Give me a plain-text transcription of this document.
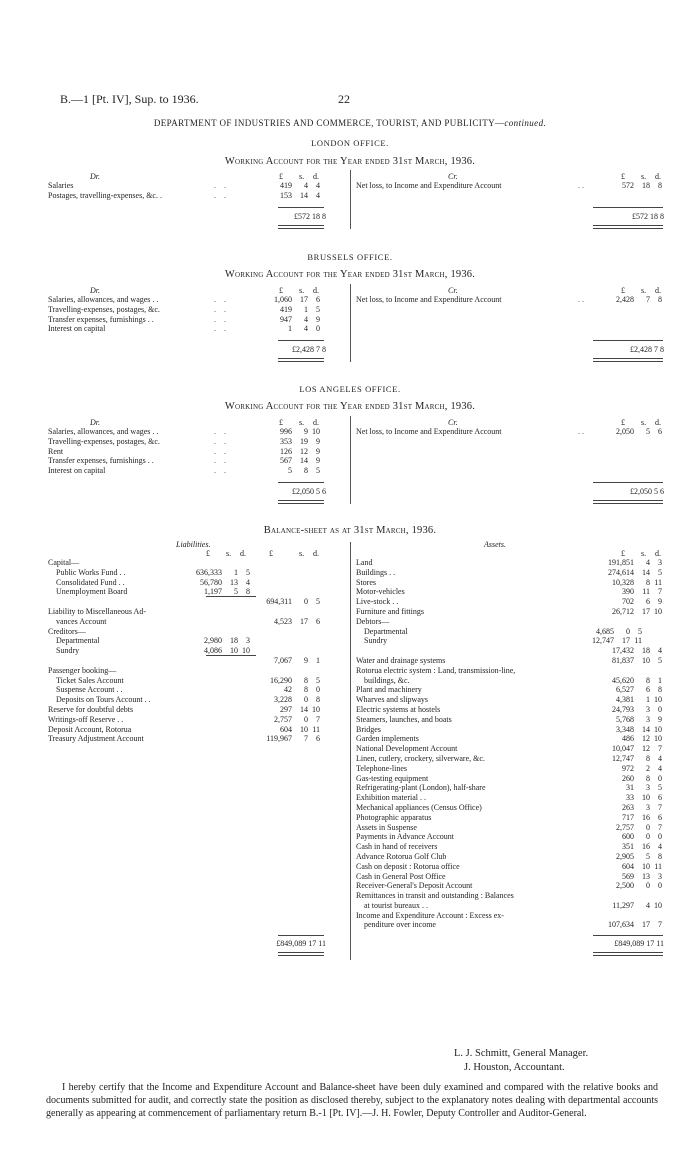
B.—1 [Pt. IV], Sup. to 1936.	22
DEPARTMENT OF INDUSTRIES AND COMMERCE, TOURIST, AND PUBLICITY—continued.
LONDON OFFICE.
Working Account for the Year ended 31st March, 1936.
Dr.	£ s. d.	Cr.	£ s. d.
Salaries	. .	419	4	4	Net loss, to Income and Expenditure Account	. .	572	18	8
Postages, travelling-expenses, &c. .	. .	153	14	4
£572 18 8	£572 18 8
BRUSSELS OFFICE.
Working Account for the Year ended 31st March, 1936.
Dr.	£ s. d.	Cr.	£ s. d.
Salaries, allowances, and wages . .	. .	1,060	17	6	Net loss, to Income and Expenditure Account	. .	2,428	7	8
Travelling-expenses, postages, &c.	. .	419	1	5
Transfer expenses, furnishings . .	. .	947	4	9
Interest on capital	. .	1	4	0
£2,428 7 8	£2,428 7 8
LOS ANGELES OFFICE.
Working Account for the Year ended 31st March, 1936.
Dr.	£ s. d.	Cr.	£ s. d.
Salaries, allowances, and wages . .	. .	996	9 10	Net loss, to Income and Expenditure Account	. .	2,050	5	6
Travelling-expenses, postages, &c.	. .	353	19	9
Rent	. .	126	12	9
Transfer expenses, furnishings . .	. .	567	14	9
Interest on capital	. .	5	8	5
£2,050 5 6	£2,050 5 6
Balance-sheet as at 31st March, 1936.
Liabilities.	Assets.
£ s. d.	£	s. d.	£ s. d.
Capital—
Public Works Fund . .	636,333	1	5
Consolidated Fund . .	56,780	13	4
Unemployment Board	1,197	5	8
694,311	0	5
Liability to Miscellaneous Ad-
vances Account	4,523	17	6
Creditors—
Departmental	2,980	18	3
Sundry	4,086	10 10
7,067	9	1
Passenger booking—
Ticket Sales Account	16,290	8	5
Suspense Account . .	42	8	0
Deposits on Tours Account . .	3,228	0	8
Reserve for doubtful debts	297	14 10
Writings-off Reserve . .	2,757	0	7
Deposit Account, Rotorua	604	10 11
Treasury Adjustment Account	119,967	7	6
Land	191,851	4	3
Buildings . .	274,614	14	5
Stores	10,328	8 11
Motor-vehicles	390	11	7
Live-stock . .	702	6	9
Furniture and fittings	26,712	17 10
Debtors—
Departmental	4,685	0	5
Sundry	12,747	17 11
17,432	18	4
Water and drainage systems	81,837	10	5
Rotorua electric system : Land, transmission-line,
buildings, &c.	45,620	8	1
Plant and machinery	6,527	6	8
Wharves and slipways	4,381	1 10
Electric systems at hostels	24,793	3	0
Steamers, launches, and boats	5,768	3	9
Bridges	3,348	14 10
Garden implements	486	12 10
National Development Account	10,047	12	7
Linen, cutlery, crockery, silverware, &c.	12,747	8	4
Telephone-lines	972	2	4
Gas-testing equipment	260	8	0
Refrigerating-plant (London), half-share	31	3	5
Exhibition material . .	33	10	6
Mechanical appliances (Census Office)	263	3	7
Photographic apparatus	717	16	6
Assets in Suspense	2,757	0	7
Payments in Advance Account	600	0	0
Cash in hand of receivers	351	16	4
Advance Rotorua Golf Club	2,905	5	8
Cash on deposit : Rotorua office	604	10 11
Cash in General Post Office	569	13	3
Receiver-General's Deposit Account	2,500	0	0
Remittances in transit and outstanding : Balances
at tourist bureaux . .	11,297	4 10
Income and Expenditure Account : Excess ex-
penditure over income	107,634	17	7
£849,089 17 11	£849,089 17 11
L. J. Schmitt, General Manager.
J. Houston, Accountant.
I hereby certify that the Income and Expenditure Account and Balance-sheet have been duly examined and compared with the relative books and documents submitted for audit, and correctly state the position as disclosed thereby, subject to the explanatory notes dealing with departmental accounts generally as appearing at commencement of parliamentary return B.-1 [Pt. IV].—J. H. Fowler, Deputy Controller and Auditor-General.
